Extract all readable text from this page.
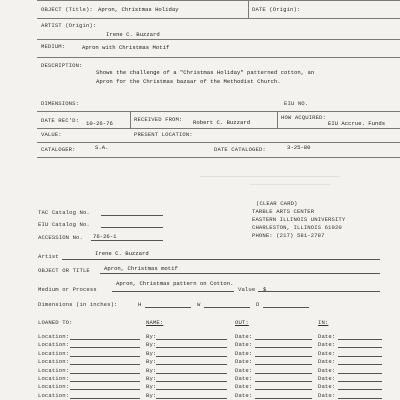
OBJECT (Title): Apron, Christmas Holiday	DATE (Origin):
ARTIST (Origin):
Irene C. Buzzard
MEDIUM:	Apron with Christmas Motif
DESCRIPTION:
Shows the challenge of a "Christmas Holiday" patterned cotton, an
Apron for the Christmas bazaar of the Methodist Church.
DIMENSIONS:	EIU NO.
DATE REC'D: 10-26-76
RECEIVED FROM: Robert C. Buzzard
HOW ACQUIRED:
EIU Accrue. Funds
VALUE:	PRESENT LOCATION:
CATALOGER:	S.A.	DATE CATALOGED:	3-25-80
(CLEAR CARD)
TARBLE ARTS CENTER
EASTERN ILLINOIS UNIVERSITY
CHARLESTON, ILLINOIS 61920
PHONE: (217) 581-2787
TAC Catalog No.
EIU Catalog No.
ACCESSION No. 76-26-1
Artist	Irene C. Buzzard
OBJECT OR TITLE	Apron, Christmas motif
Medium or Process
Apron, Christmas pattern on Cotton.
Value $
Dimensions (in inches):	H	W	D
LOANED TO:	NAME:	OUT:	IN:
Location:	By:	Date:	Date:
Location:	By:	Date:	Date:
Location:	By:	Date:	Date:
Location:	By:	Date:	Date:
Location:	By:	Date:	Date:
Location:	By:	Date:	Date:
Location:	By:	Date:	Date:
Location:	By:	Date:	Date:
